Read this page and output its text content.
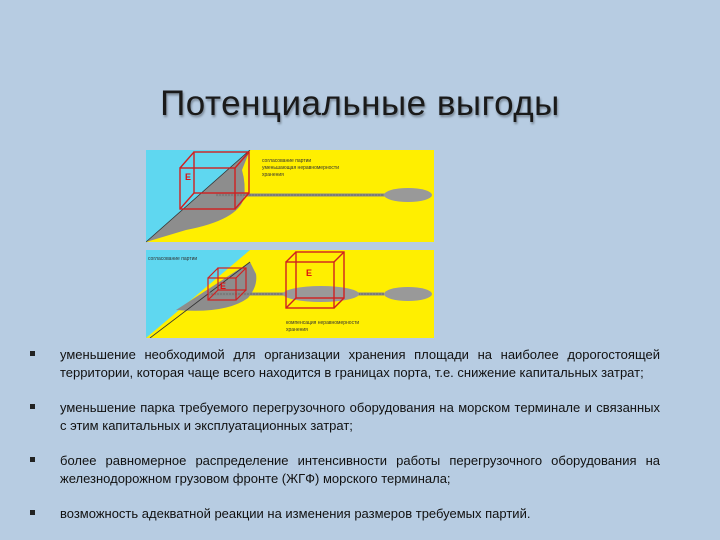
Потенциальные выгоды
E
согласование партии
уменьшающая неравномерности
хранения
согласование партии
E
E
компенсация неравномерности
хранения
уменьшение необходимой для организации хранения площади на наиболее дорогостоящей территории, которая чаще всего находится в границах порта, т.е. снижение капитальных затрат;
уменьшение парка требуемого перегрузочного оборудования на морском терминале и связанных с этим капитальных и эксплуатационных затрат;
более равномерное распределение интенсивности работы перегрузочного оборудования на железнодорожном грузовом фронте (ЖГФ) морского терминала;
возможность адекватной реакции на изменения размеров требуемых партий.
